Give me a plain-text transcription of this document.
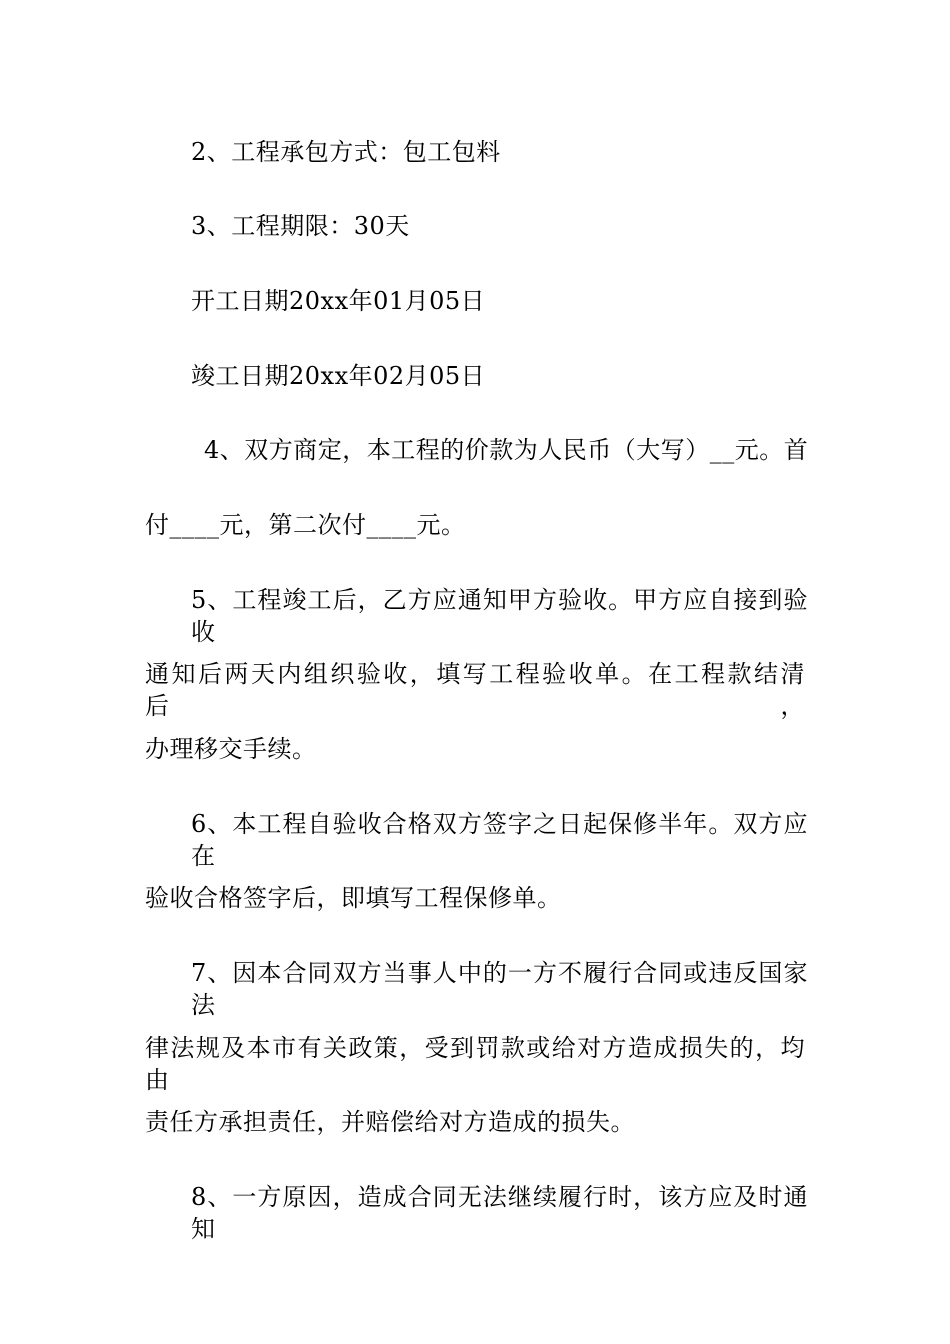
2、工程承包方式：包工包料
3、工程期限：30天
开工日期20xx年01月05日
竣工日期20xx年02月05日
4、双方商定，本工程的价款为人民币（大写）__元。首
付____元，第二次付____元。
5、工程竣工后，乙方应通知甲方验收。甲方应自接到验收
通知后两天内组织验收，填写工程验收单。在工程款结清后，
办理移交手续。
6、本工程自验收合格双方签字之日起保修半年。双方应在
验收合格签字后，即填写工程保修单。
7、因本合同双方当事人中的一方不履行合同或违反国家法
律法规及本市有关政策，受到罚款或给对方造成损失的，均由
责任方承担责任，并赔偿给对方造成的损失。
8、一方原因，造成合同无法继续履行时，该方应及时通知
